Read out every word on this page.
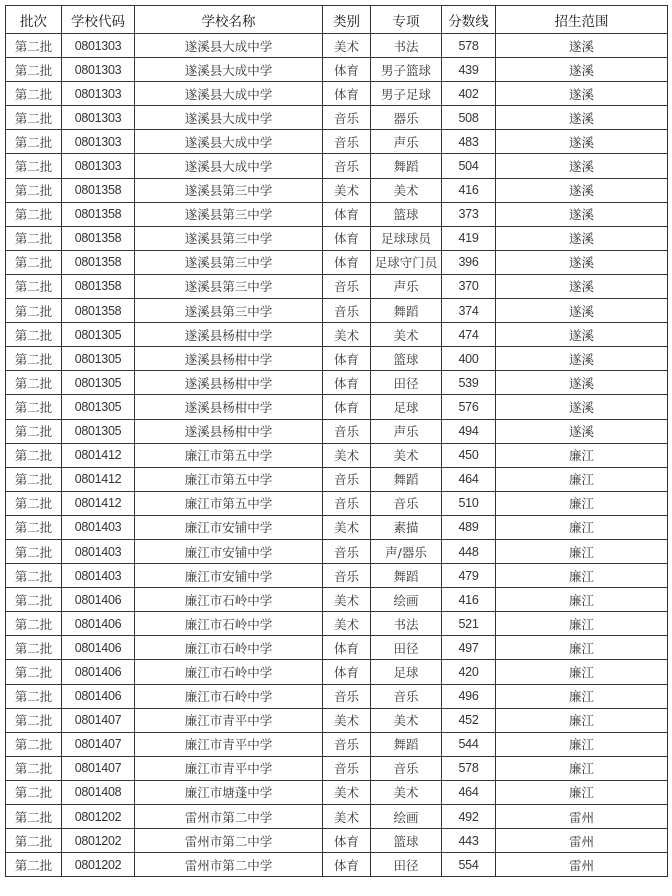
批次	学校代码	学校名称	类别	专项	分数线	招生范围
第二批	0801303	遂溪县大成中学	美术	书法	578	遂溪
第二批	0801303	遂溪县大成中学	体育	男子篮球	439	遂溪
第二批	0801303	遂溪县大成中学	体育	男子足球	402	遂溪
第二批	0801303	遂溪县大成中学	音乐	器乐	508	遂溪
第二批	0801303	遂溪县大成中学	音乐	声乐	483	遂溪
第二批	0801303	遂溪县大成中学	音乐	舞蹈	504	遂溪
第二批	0801358	遂溪县第三中学	美术	美术	416	遂溪
第二批	0801358	遂溪县第三中学	体育	篮球	373	遂溪
第二批	0801358	遂溪县第三中学	体育	足球球员	419	遂溪
第二批	0801358	遂溪县第三中学	体育	足球守门员	396	遂溪
第二批	0801358	遂溪县第三中学	音乐	声乐	370	遂溪
第二批	0801358	遂溪县第三中学	音乐	舞蹈	374	遂溪
第二批	0801305	遂溪县杨柑中学	美术	美术	474	遂溪
第二批	0801305	遂溪县杨柑中学	体育	篮球	400	遂溪
第二批	0801305	遂溪县杨柑中学	体育	田径	539	遂溪
第二批	0801305	遂溪县杨柑中学	体育	足球	576	遂溪
第二批	0801305	遂溪县杨柑中学	音乐	声乐	494	遂溪
第二批	0801412	廉江市第五中学	美术	美术	450	廉江
第二批	0801412	廉江市第五中学	音乐	舞蹈	464	廉江
第二批	0801412	廉江市第五中学	音乐	音乐	510	廉江
第二批	0801403	廉江市安铺中学	美术	素描	489	廉江
第二批	0801403	廉江市安铺中学	音乐	声/器乐	448	廉江
第二批	0801403	廉江市安铺中学	音乐	舞蹈	479	廉江
第二批	0801406	廉江市石岭中学	美术	绘画	416	廉江
第二批	0801406	廉江市石岭中学	美术	书法	521	廉江
第二批	0801406	廉江市石岭中学	体育	田径	497	廉江
第二批	0801406	廉江市石岭中学	体育	足球	420	廉江
第二批	0801406	廉江市石岭中学	音乐	音乐	496	廉江
第二批	0801407	廉江市青平中学	美术	美术	452	廉江
第二批	0801407	廉江市青平中学	音乐	舞蹈	544	廉江
第二批	0801407	廉江市青平中学	音乐	音乐	578	廉江
第二批	0801408	廉江市塘蓬中学	美术	美术	464	廉江
第二批	0801202	雷州市第二中学	美术	绘画	492	雷州
第二批	0801202	雷州市第二中学	体育	篮球	443	雷州
第二批	0801202	雷州市第二中学	体育	田径	554	雷州
